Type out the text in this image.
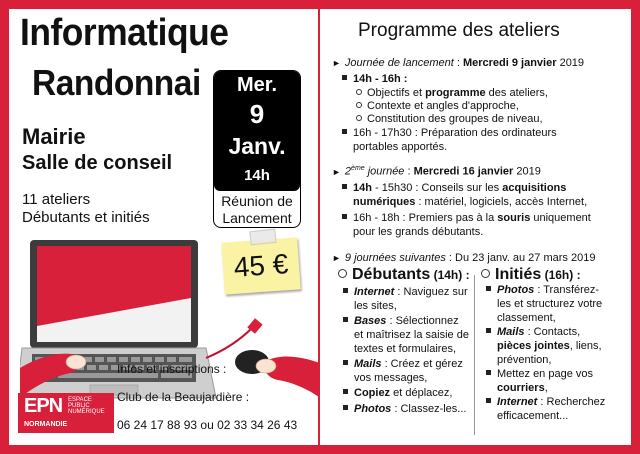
Informatique
Randonnai
Mairie
Salle de conseil
11 ateliers
Débutants et initiés
Mer.
9
Janv.
14h
Réunion de
Lancement
45 €
Infos et inscriptions :
Club de la Beaujardière :
06 24 17 88 93 ou 02 33 34 26 43
EPN ESPACE PUBLIC NUMÉRIQUE
NORMANDIE
Programme des ateliers
► Journée de lancement : Mercredi 9 janvier 2019
14h - 16h :
Objectifs et programme des ateliers,
Contexte et angles d'approche,
Constitution des groupes de niveau,
16h - 17h30 : Préparation des ordinateurs
portables apportés.
► 2ème journée : Mercredi 16 janvier 2019
14h - 15h30 : Conseils sur les acquisitions
numériques : matériel, logiciels, accès Internet,
16h - 18h : Premiers pas à la souris uniquement
pour les grands débutants.
► 9 journées suivantes : Du 23 janv. au 27 mars 2019
Débutants (14h) :
Internet : Naviguez sur
les sites,
Bases : Sélectionnez
et maîtrisez la saisie de
textes et formulaires,
Mails : Créez et gérez
vos messages,
Copiez et déplacez,
Photos : Classez-les...
Initiés (16h) :
Photos : Transférez-
les et structurez votre
classement,
Mails : Contacts,
pièces jointes, liens,
prévention,
Mettez en page vos
courriers,
Internet : Recherchez
efficacement...
